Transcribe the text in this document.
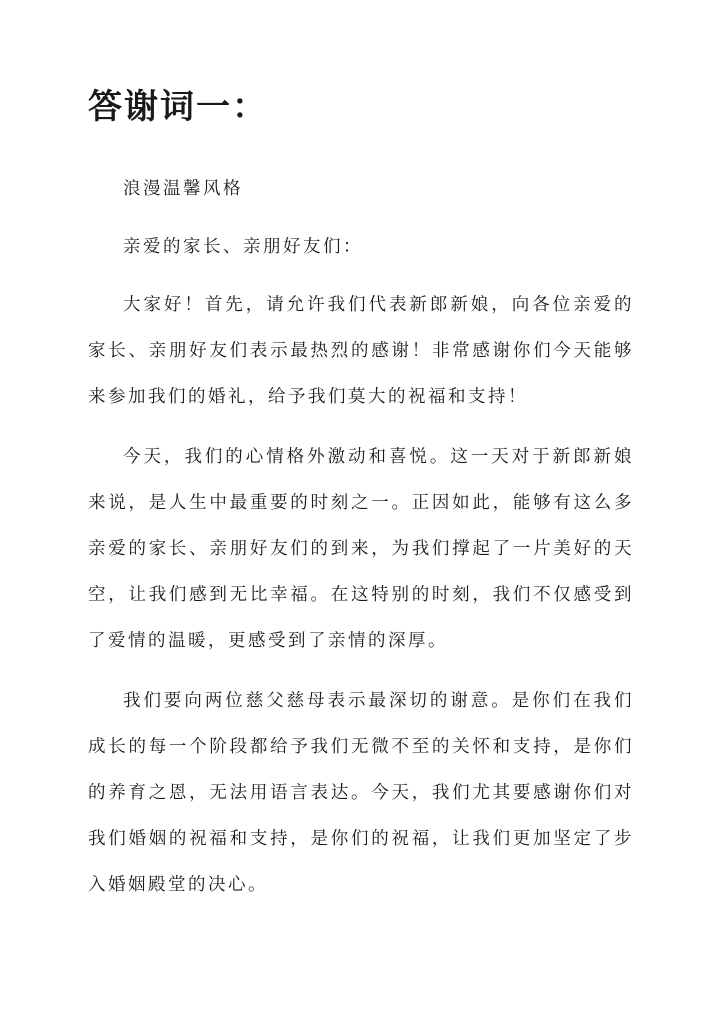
答谢词一：

浪漫温馨风格

亲爱的家长、亲朋好友们：

大家好！首先，请允许我们代表新郎新娘，向各位亲爱的家长、亲朋好友们表示最热烈的感谢！非常感谢你们今天能够来参加我们的婚礼，给予我们莫大的祝福和支持！

今天，我们的心情格外激动和喜悦。这一天对于新郎新娘来说，是人生中最重要的时刻之一。正因如此，能够有这么多亲爱的家长、亲朋好友们的到来，为我们撑起了一片美好的天空，让我们感到无比幸福。在这特别的时刻，我们不仅感受到了爱情的温暖，更感受到了亲情的深厚。

我们要向两位慈父慈母表示最深切的谢意。是你们在我们成长的每一个阶段都给予我们无微不至的关怀和支持，是你们的养育之恩，无法用语言表达。今天，我们尤其要感谢你们对我们婚姻的祝福和支持，是你们的祝福，让我们更加坚定了步入婚姻殿堂的决心。
